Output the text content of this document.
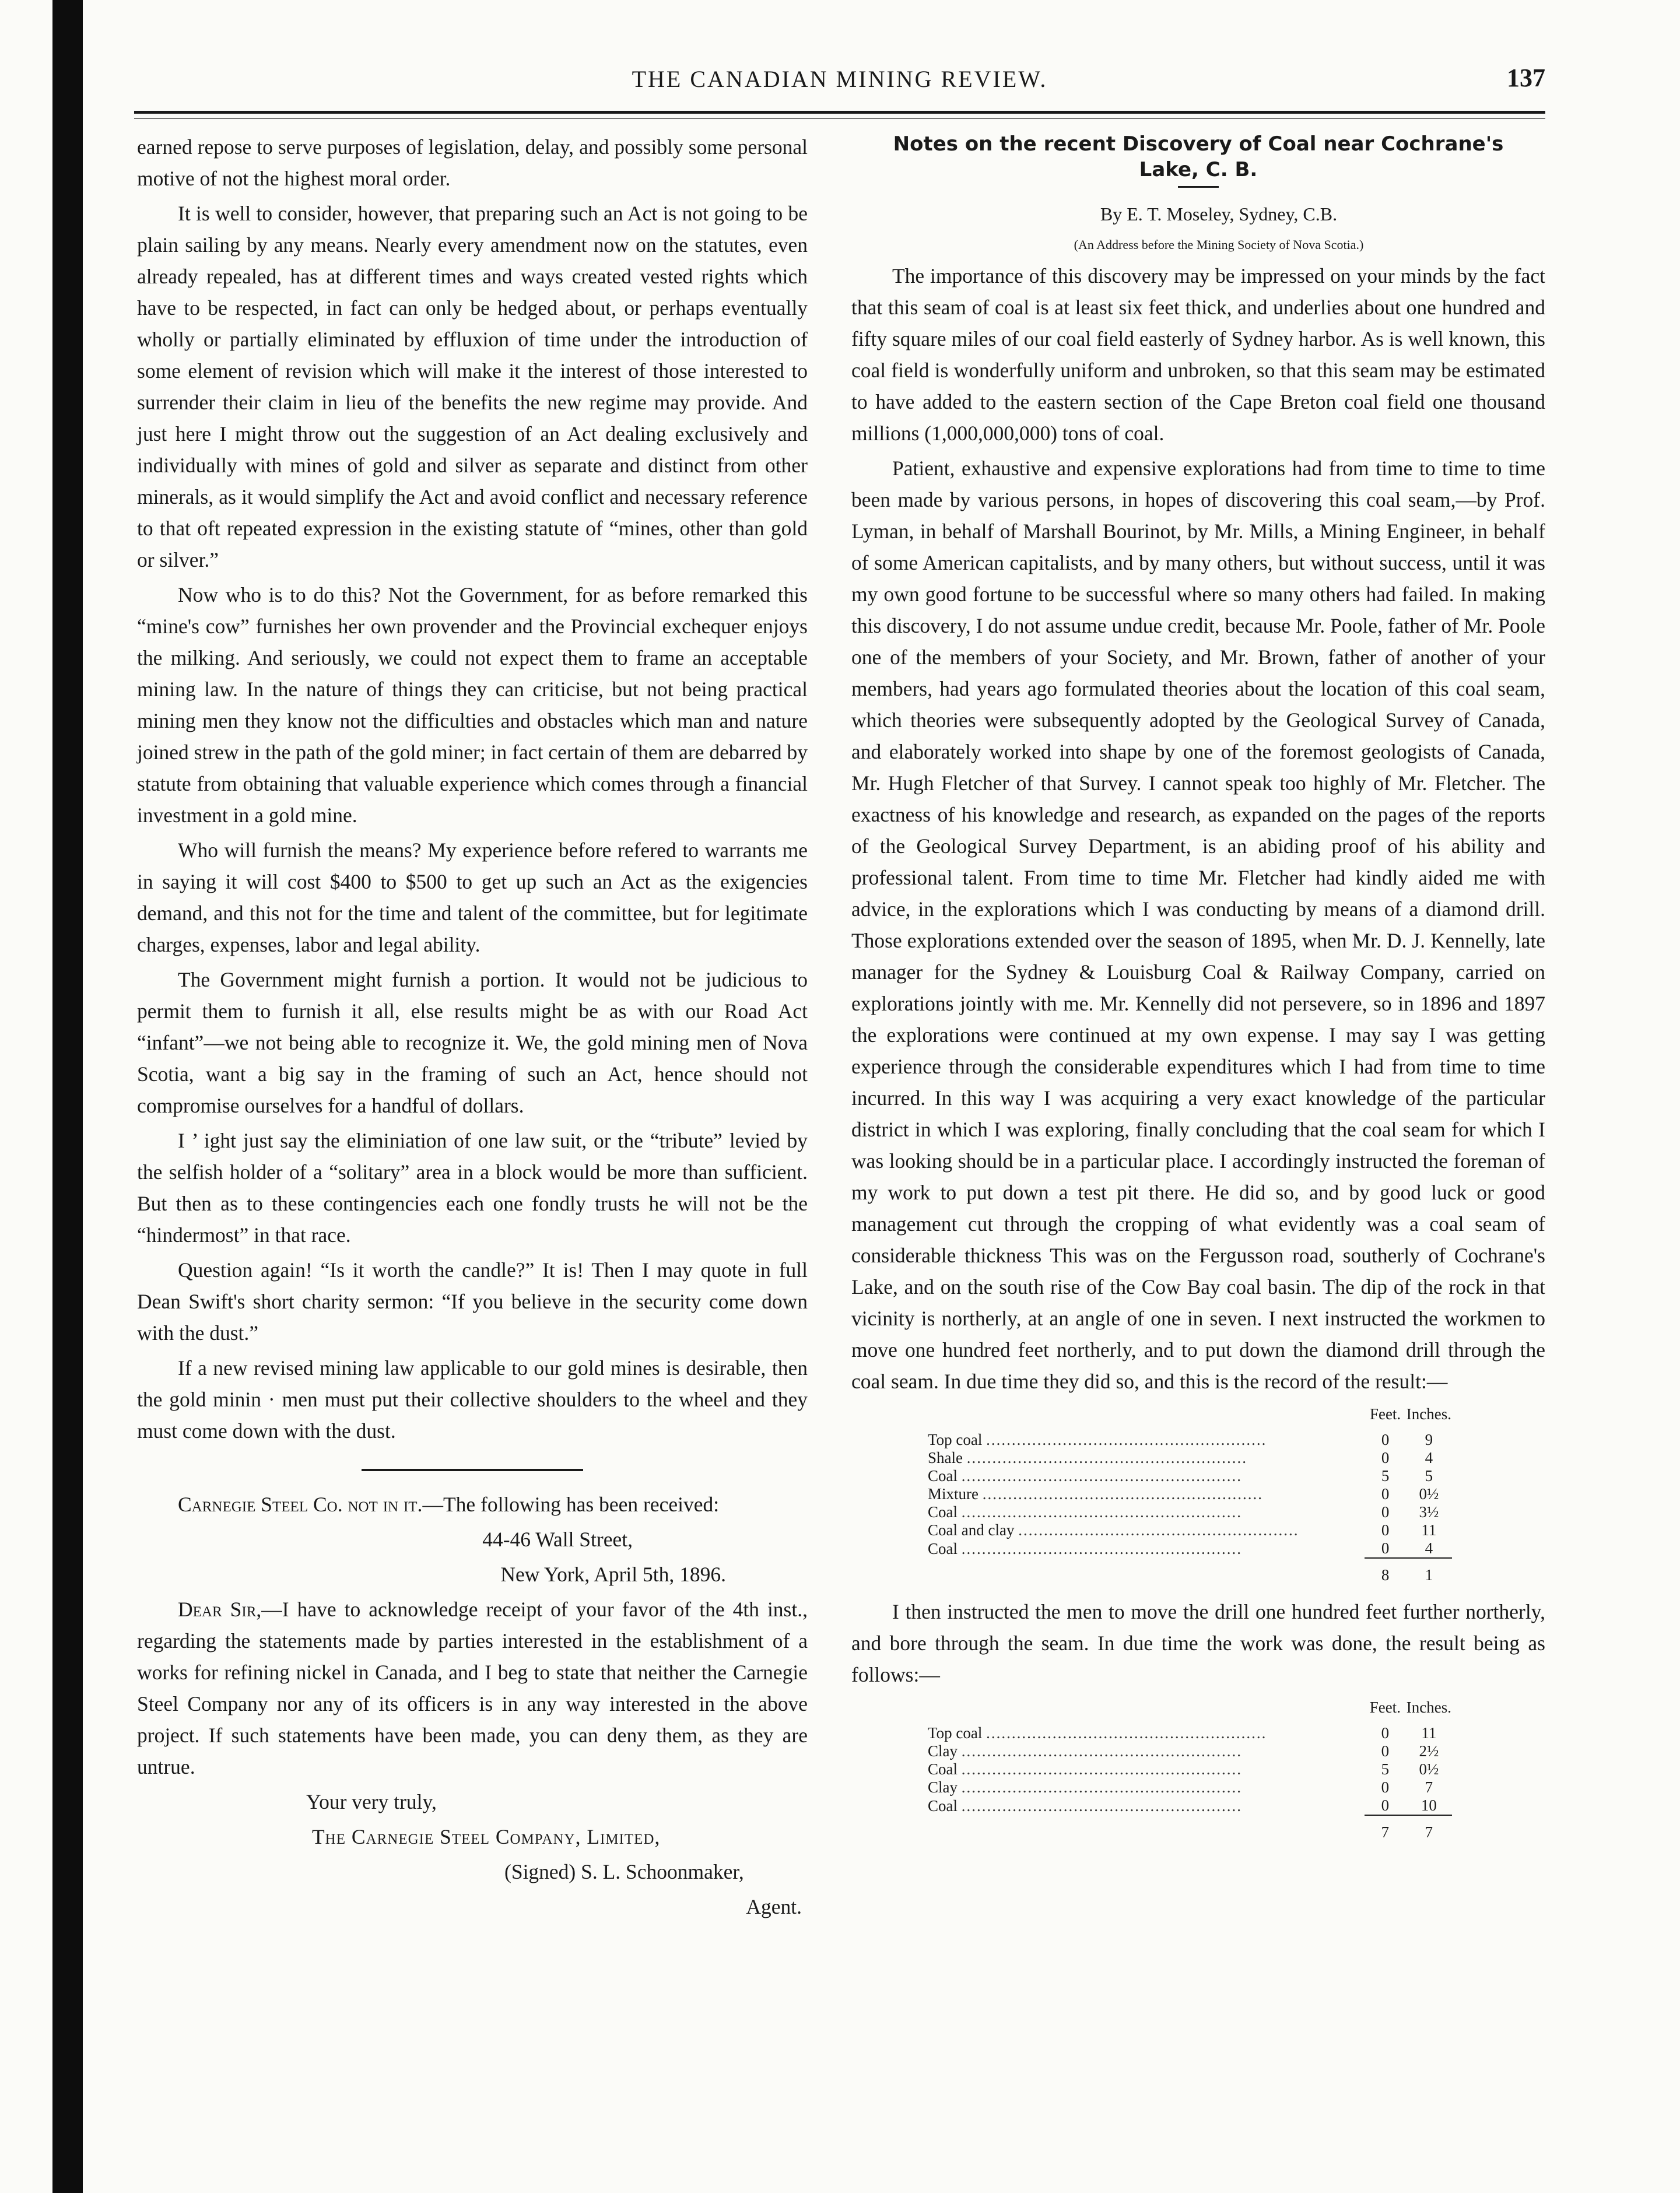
THE CANADIAN MINING REVIEW.	137

earned repose to serve purposes of legislation, delay, and possibly some personal motive of not the highest moral order.

It is well to consider, however, that preparing such an Act is not going to be plain sailing by any means. Nearly every amendment now on the statutes, even already repealed, has at different times and ways created vested rights which have to be respected, in fact can only be hedged about, or perhaps eventually wholly or partially eliminated by effluxion of time under the introduction of some element of revision which will make it the interest of those interested to surrender their claim in lieu of the benefits the new regime may provide. And just here I might throw out the suggestion of an Act dealing exclusively and individually with mines of gold and silver as separate and distinct from other minerals, as it would simplify the Act and avoid conflict and necessary reference to that oft repeated expression in the existing statute of “mines, other than gold or silver.”

Now who is to do this? Not the Government, for as before remarked this “mine's cow” furnishes her own provender and the Provincial exchequer enjoys the milking. And seriously, we could not expect them to frame an acceptable mining law. In the nature of things they can criticise, but not being practical mining men they know not the difficulties and obstacles which man and nature joined strew in the path of the gold miner; in fact certain of them are debarred by statute from obtaining that valuable experience which comes through a financial investment in a gold mine.

Who will furnish the means? My experience before refered to warrants me in saying it will cost $400 to $500 to get up such an Act as the exigencies demand, and this not for the time and talent of the committee, but for legitimate charges, expenses, labor and legal ability.

The Government might furnish a portion. It would not be judicious to permit them to furnish it all, else results might be as with our Road Act “infant”—we not being able to recognize it. We, the gold mining men of Nova Scotia, want a big say in the framing of such an Act, hence should not compromise ourselves for a handful of dollars.

I ’ ight just say the eliminiation of one law suit, or the “tribute” levied by the selfish holder of a “solitary” area in a block would be more than sufficient. But then as to these contingencies each one fondly trusts he will not be the “hindermost” in that race.

Question again! “Is it worth the candle?” It is! Then I may quote in full Dean Swift's short charity sermon: “If you believe in the security come down with the dust.”

If a new revised mining law applicable to our gold mines is desirable, then the gold minin · men must put their collective shoulders to the wheel and they must come down with the dust.

Carnegie Steel Co. not in it.—The following has been received:

44-46 Wall Street,

New York, April 5th, 1896.

Dear Sir,—I have to acknowledge receipt of your favor of the 4th inst., regarding the statements made by parties interested in the establishment of a works for refining nickel in Canada, and I beg to state that neither the Carnegie Steel Company nor any of its officers is in any way interested in the above project. If such statements have been made, you can deny them, as they are untrue.

Your very truly,

The Carnegie Steel Company, Limited,

(Signed) S. L. Schoonmaker,

Agent.

Notes on the recent Discovery of Coal near Cochrane's
Lake, C. B.

By E. T. Moseley, Sydney, C.B.

(An Address before the Mining Society of Nova Scotia.)

The importance of this discovery may be impressed on your minds by the fact that this seam of coal is at least six feet thick, and underlies about one hundred and fifty square miles of our coal field easterly of Sydney harbor. As is well known, this coal field is wonderfully uniform and unbroken, so that this seam may be estimated to have added to the eastern section of the Cape Breton coal field one thousand millions (1,000,000,000) tons of coal.

Patient, exhaustive and expensive explorations had from time to time to time been made by various persons, in hopes of discovering this coal seam,—by Prof. Lyman, in behalf of Marshall Bourinot, by Mr. Mills, a Mining Engineer, in behalf of some American capitalists, and by many others, but without success, until it was my own good fortune to be successful where so many others had failed. In making this discovery, I do not assume undue credit, because Mr. Poole, father of Mr. Poole one of the members of your Society, and Mr. Brown, father of another of your members, had years ago formulated theories about the location of this coal seam, which theories were subsequently adopted by the Geological Survey of Canada, and elaborately worked into shape by one of the foremost geologists of Canada, Mr. Hugh Fletcher of that Survey. I cannot speak too highly of Mr. Fletcher. The exactness of his knowledge and research, as expanded on the pages of the reports of the Geological Survey Department, is an abiding proof of his ability and professional talent. From time to time Mr. Fletcher had kindly aided me with advice, in the explorations which I was conducting by means of a diamond drill. Those explorations extended over the season of 1895, when Mr. D. J. Kennelly, late manager for the Sydney & Louisburg Coal & Railway Company, carried on explorations jointly with me. Mr. Kennelly did not persevere, so in 1896 and 1897 the explorations were continued at my own expense. I may say I was getting experience through the considerable expenditures which I had from time to time incurred. In this way I was acquiring a very exact knowledge of the particular district in which I was exploring, finally concluding that the coal seam for which I was looking should be in a particular place. I accordingly instructed the foreman of my work to put down a test pit there. He did so, and by good luck or good management cut through the cropping of what evidently was a coal seam of considerable thickness This was on the Fergusson road, southerly of Cochrane's Lake, and on the south rise of the Cow Bay coal basin. The dip of the rock in that vicinity is northerly, at an angle of one in seven. I next instructed the workmen to move one hundred feet northerly, and to put down the diamond drill through the coal seam. In due time they did so, and this is the record of the result:—

	Feet.	Inches.
Top coal .......................................................	0	9
Shale .......................................................	0	4
Coal .......................................................	5	5
Mixture .......................................................	0	0½
Coal .......................................................	0	3½
Coal and clay .......................................................	0	11
Coal .......................................................	0	4
	8	1

I then instructed the men to move the drill one hundred feet further northerly, and bore through the seam. In due time the work was done, the result being as follows:—

	Feet.	Inches.
Top coal .......................................................	0	11
Clay .......................................................	0	2½
Coal .......................................................	5	0½
Clay .......................................................	0	7
Coal .......................................................	0	10
	7	7
